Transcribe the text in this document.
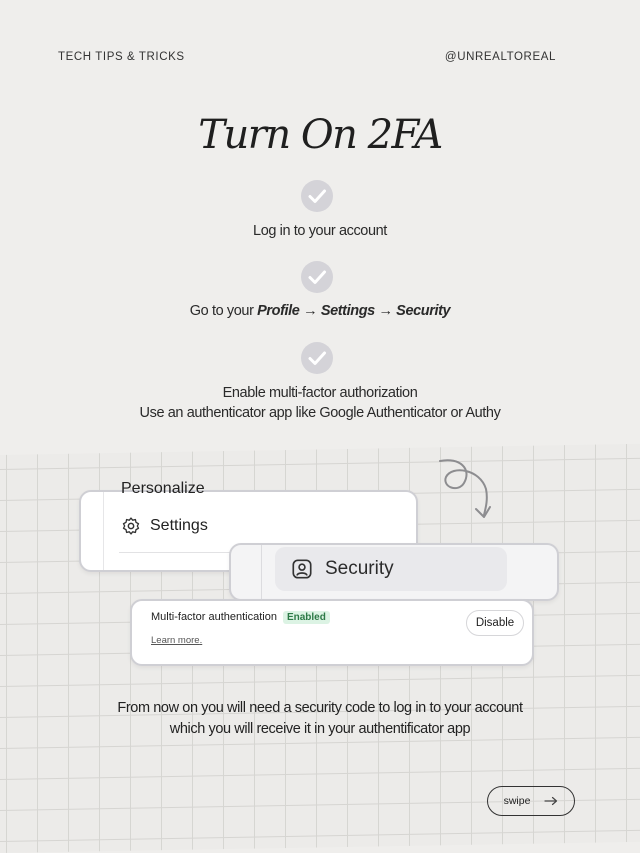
TECH TIPS & TRICKS	@UNREALTOREAL
Turn On 2FA
Log in to your account
Go to your Profile → Settings → Security
Enable multi-factor authorization
Use an authenticator app like Google Authenticator or Authy
Personalize
Settings
Security
Multi-factor authentication Enabled
Learn more.
Disable
From now on you will need a security code to log in to your account
which you will receive it in your authentificator app
swipe
